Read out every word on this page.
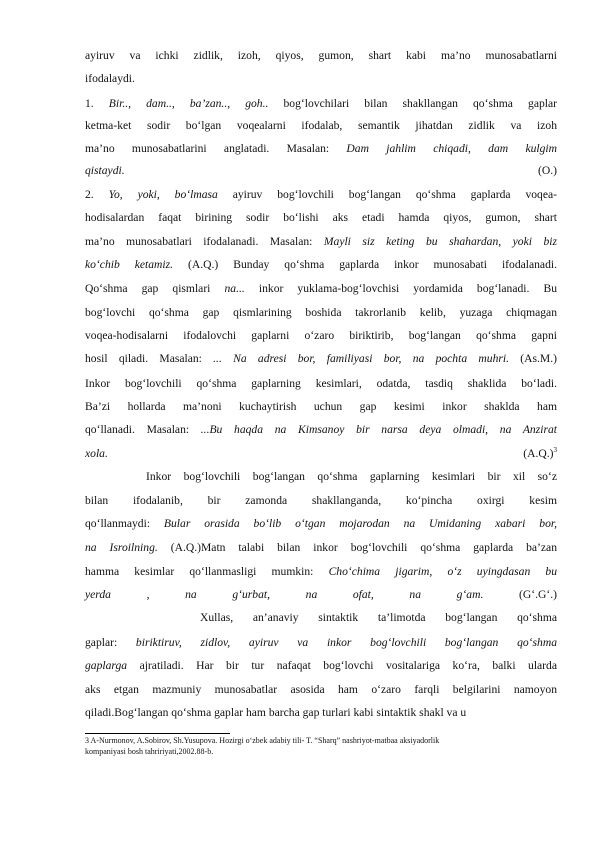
ayiruv va ichki zidlik, izoh, qiyos, gumon, shart kabi ma’no munosabatlarni
ifodalaydi.
1. Bir.., dam.., ba’zan.., goh.. bog‘lovchilari bilan shakllangan qo‘shma gaplar
ketma-ket sodir bo‘lgan voqealarni ifodalab, semantik jihatdan zidlik va izoh
ma’no munosabatlarini anglatadi. Masalan: Dam jahlim chiqadi, dam kulgim
qistaydi. (O.)
2. Yo, yoki, bo‘lmasa ayiruv bog‘lovchili bog‘langan qo‘shma gaplarda voqea-
hodisalardan faqat birining sodir bo‘lishi aks etadi hamda qiyos, gumon, shart
ma’no munosabatlari ifodalanadi. Masalan: Mayli siz keting bu shahardan, yoki biz
ko‘chib ketamiz. (A.Q.) Bunday qo‘shma gaplarda inkor munosabati ifodalanadi.
Qo‘shma gap qismlari na... inkor yuklama-bog‘lovchisi yordamida bog‘lanadi. Bu
bog‘lovchi qo‘shma gap qismlarining boshida takrorlanib kelib, yuzaga chiqmagan
voqea-hodisalarni ifodalovchi gaplarni o‘zaro biriktirib, bog‘langan qo‘shma gapni
hosil qiladi. Masalan: ... Na adresi bor, familiyasi bor, na pochta muhri. (As.M.)
Inkor bog‘lovchili qo‘shma gaplarning kesimlari, odatda, tasdiq shaklida bo‘ladi.
Ba’zi hollarda ma’noni kuchaytirish uchun gap kesimi inkor shaklda ham
qo‘llanadi. Masalan: ...Bu haqda na Kimsanoy bir narsa deya olmadi, na Anzirat
xola. $(A.Q.)^3$
Inkor bog‘lovchili bog‘langan qo‘shma gaplarning kesimlari bir xil so‘z
bilan ifodalanib, bir zamonda shakllanganda, ko‘pincha oxirgi kesim
qo‘llanmaydi: Bular orasida bo‘lib o‘tgan mojarodan na Umidaning xabari bor,
na Isroilning. (A.Q.)Matn talabi bilan inkor bog‘lovchili qo‘shma gaplarda ba’zan
hamma kesimlar qo‘llanmasligi mumkin: Cho‘chima jigarim, o‘z uyingdasan bu
yerda , na g‘urbat, na ofat, na g‘am. (G‘.G‘.)
Xullas, an’anaviy sintaktik ta’limotda bog‘langan qo‘shma
gaplar: biriktiruv, zidlov, ayiruv va inkor bog‘lovchili bog‘langan qo‘shma
gaplarga ajratiladi. Har bir tur nafaqat bog‘lovchi vositalariga ko‘ra, balki ularda
aks etgan mazmuniy munosabatlar asosida ham o‘zaro farqli belgilarini namoyon
qiladi.Bog‘langan qo‘shma gaplar ham barcha gap turlari kabi sintaktik shakl va u
3 A-Nurmonov, A.Sobirov, Sh.Yusupova. Hozirgi o‘zbek adabiy tili- T. “Sharq” nashriyot-matbaa aksiyadorlik
kompaniyasi bosh tahririyati,2002.88-b.
